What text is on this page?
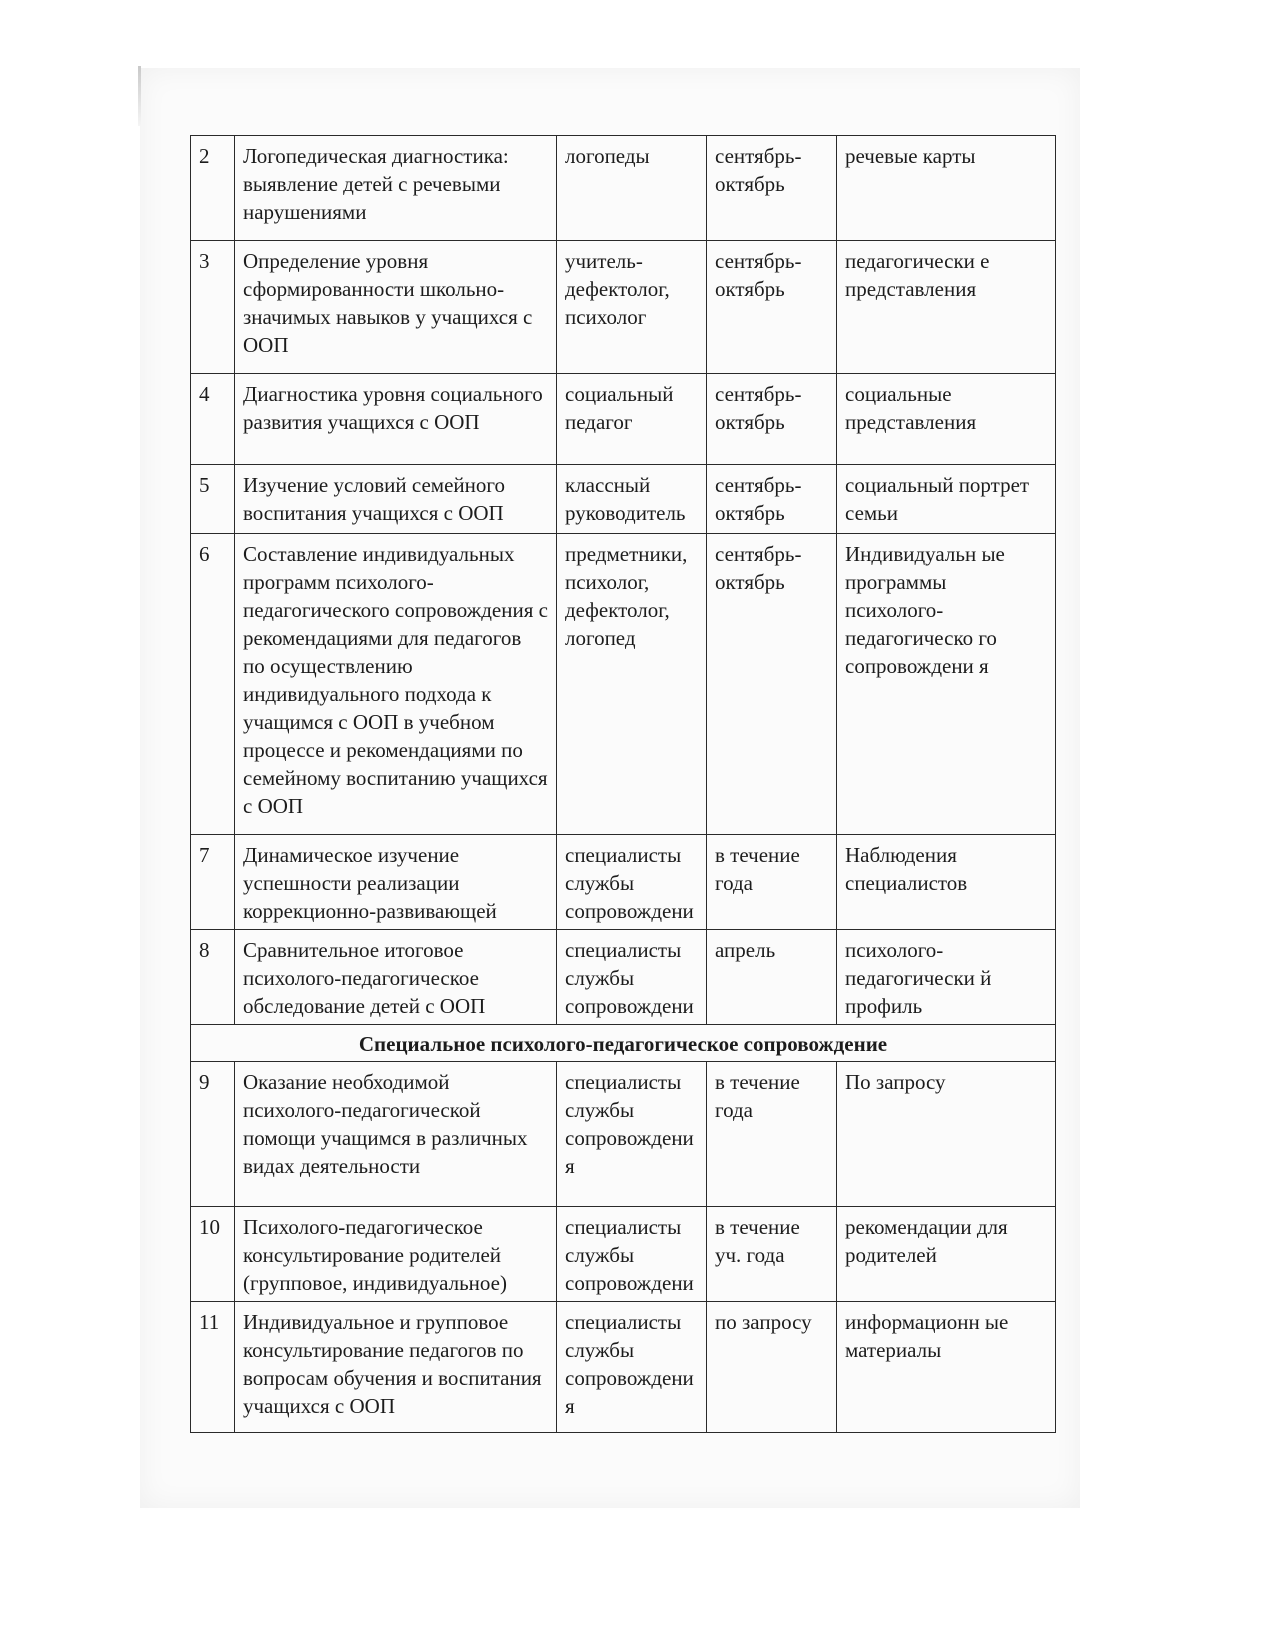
2	Логопедическая диагностика: выявление детей с речевыми нарушениями	логопеды	сентябрь-октябрь	речевые карты
3	Определение уровня сформированности школьно-значимых навыков у учащихся с ООП	учитель-дефектолог, психолог	сентябрь-октябрь	педагогически е представления
4	Диагностика уровня социального развития учащихся с ООП	социальный педагог	сентябрь-октябрь	социальные представления
5	Изучение условий семейного воспитания учащихся с ООП	классный руководитель	сентябрь-октябрь	социальный портрет семьи
6	Составление индивидуальных программ психолого-педагогического сопровождения с рекомендациями для педагогов по осуществлению индивидуального подхода к учащимся с ООП в учебном процессе и рекомендациями по семейному воспитанию учащихся с ООП	предметники, психолог, дефектолог, логопед	сентябрь-октябрь	Индивидуальн ые программы психолого-педагогическо го сопровождени я
7	Динамическое изучение успешности реализации коррекционно-развивающей	специалисты службы сопровождени	в течение года	Наблюдения специалистов
8	Сравнительное итоговое психолого-педагогическое обследование детей с ООП	специалисты службы сопровождени	апрель	психолого-педагогически й профиль
Специальное психолого-педагогическое сопровождение				
9	Оказание необходимой психолого-педагогической помощи учащимся в различных видах деятельности	специалисты службы сопровождени я	в течение года	По запросу
10	Психолого-педагогическое консультирование родителей (групповое, индивидуальное)	специалисты службы сопровождени	в течение уч. года	рекомендации для родителей
11	Индивидуальное и групповое консультирование педагогов по вопросам обучения и воспитания учащихся с ООП	специалисты службы сопровождени я	по запросу	информационн ые материалы
